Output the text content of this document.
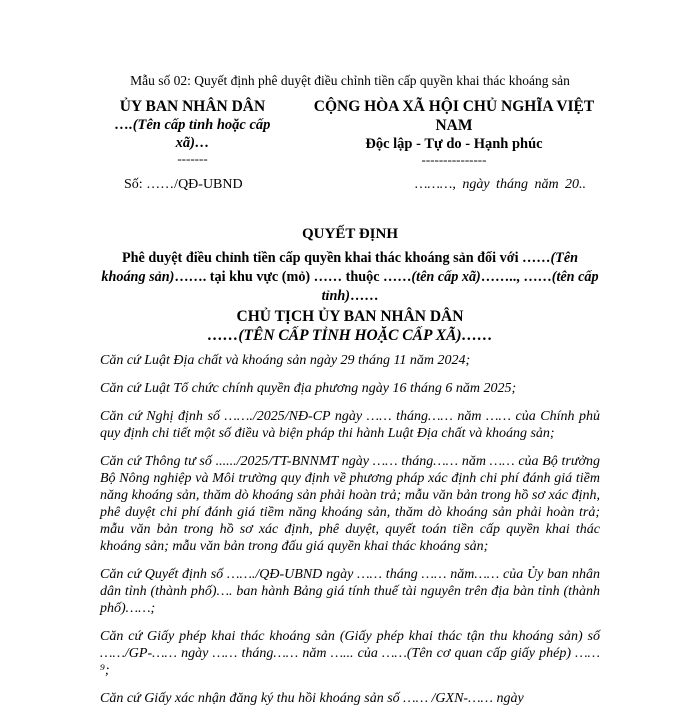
Mẫu số 02: Quyết định phê duyệt điều chỉnh tiền cấp quyền khai thác khoáng sản
ỦY BAN NHÂN DÂN
….(Tên cấp tỉnh hoặc cấp xã)…
-------
CỘNG HÒA XÃ HỘI CHỦ NGHĨA VIỆT NAM
Độc lập - Tự do - Hạnh phúc
---------------
Số: ……/QĐ-UBND	………, ngày tháng năm 20..
QUYẾT ĐỊNH
Phê duyệt điều chỉnh tiền cấp quyền khai thác khoáng sản đối với ……(Tên khoáng sản)……. tại khu vực (mỏ) …… thuộc ……(tên cấp xã)…….., ……(tên cấp tỉnh)……
CHỦ TỊCH ỦY BAN NHÂN DÂN
……(TÊN CẤP TỈNH HOẶC CẤP XÃ)……

Căn cứ Luật Địa chất và khoáng sản ngày 29 tháng 11 năm 2024;

Căn cứ Luật Tổ chức chính quyền địa phương ngày 16 tháng 6 năm 2025;

Căn cứ Nghị định số ……./2025/NĐ-CP ngày …… tháng…… năm …… của Chính phủ quy định chi tiết một số điều và biện pháp thi hành Luật Địa chất và khoáng sản;

Căn cứ Thông tư số ....../2025/TT-BNNMT ngày …… tháng…… năm …… của Bộ trưởng Bộ Nông nghiệp và Môi trường quy định về phương pháp xác định chi phí đánh giá tiềm năng khoáng sản, thăm dò khoáng sản phải hoàn trả; mẫu văn bản trong hồ sơ xác định, phê duyệt chi phí đánh giá tiềm năng khoáng sản, thăm dò khoáng sản phải hoàn trả; mẫu văn bản trong hồ sơ xác định, phê duyệt, quyết toán tiền cấp quyền khai thác khoáng sản; mẫu văn bản trong đấu giá quyền khai thác khoáng sản;

Căn cứ Quyết định số ……./QĐ-UBND ngày …… tháng …… năm…… của Ủy ban nhân dân tỉnh (thành phố)…. ban hành Bảng giá tính thuế tài nguyên trên địa bàn tỉnh (thành phố)……;

Căn cứ Giấy phép khai thác khoáng sản (Giấy phép khai thác tận thu khoáng sản) số ……/GP-…… ngày …… tháng…… năm …... của ……(Tên cơ quan cấp giấy phép) ……⁹;

Căn cứ Giấy xác nhận đăng ký thu hồi khoáng sản số …… /GXN-…… ngày
